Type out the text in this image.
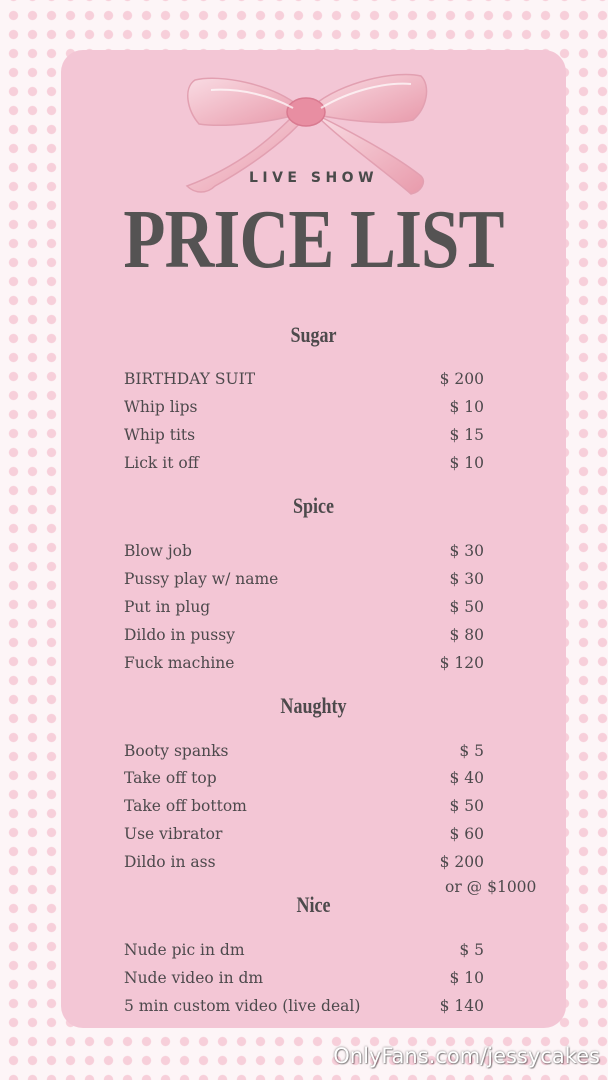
LIVE SHOW
PRICE LIST
Sugar
BIRTHDAY SUIT	$ 200
Whip lips	$ 10
Whip tits	$ 15
Lick it off	$ 10
Spice
Blow job	$ 30
Pussy play w/ name	$ 30
Put in plug	$ 50
Dildo in pussy	$ 80
Fuck machine	$ 120
Naughty
Booty spanks	$ 5
Take off top	$ 40
Take off bottom	$ 50
Use vibrator	$ 60
Dildo in ass	$ 200
or @ $1000
Nice
Nude pic in dm	$ 5
Nude video in dm	$ 10
5 min custom video (live deal)	$ 140
OnlyFans.com/jessycakes
